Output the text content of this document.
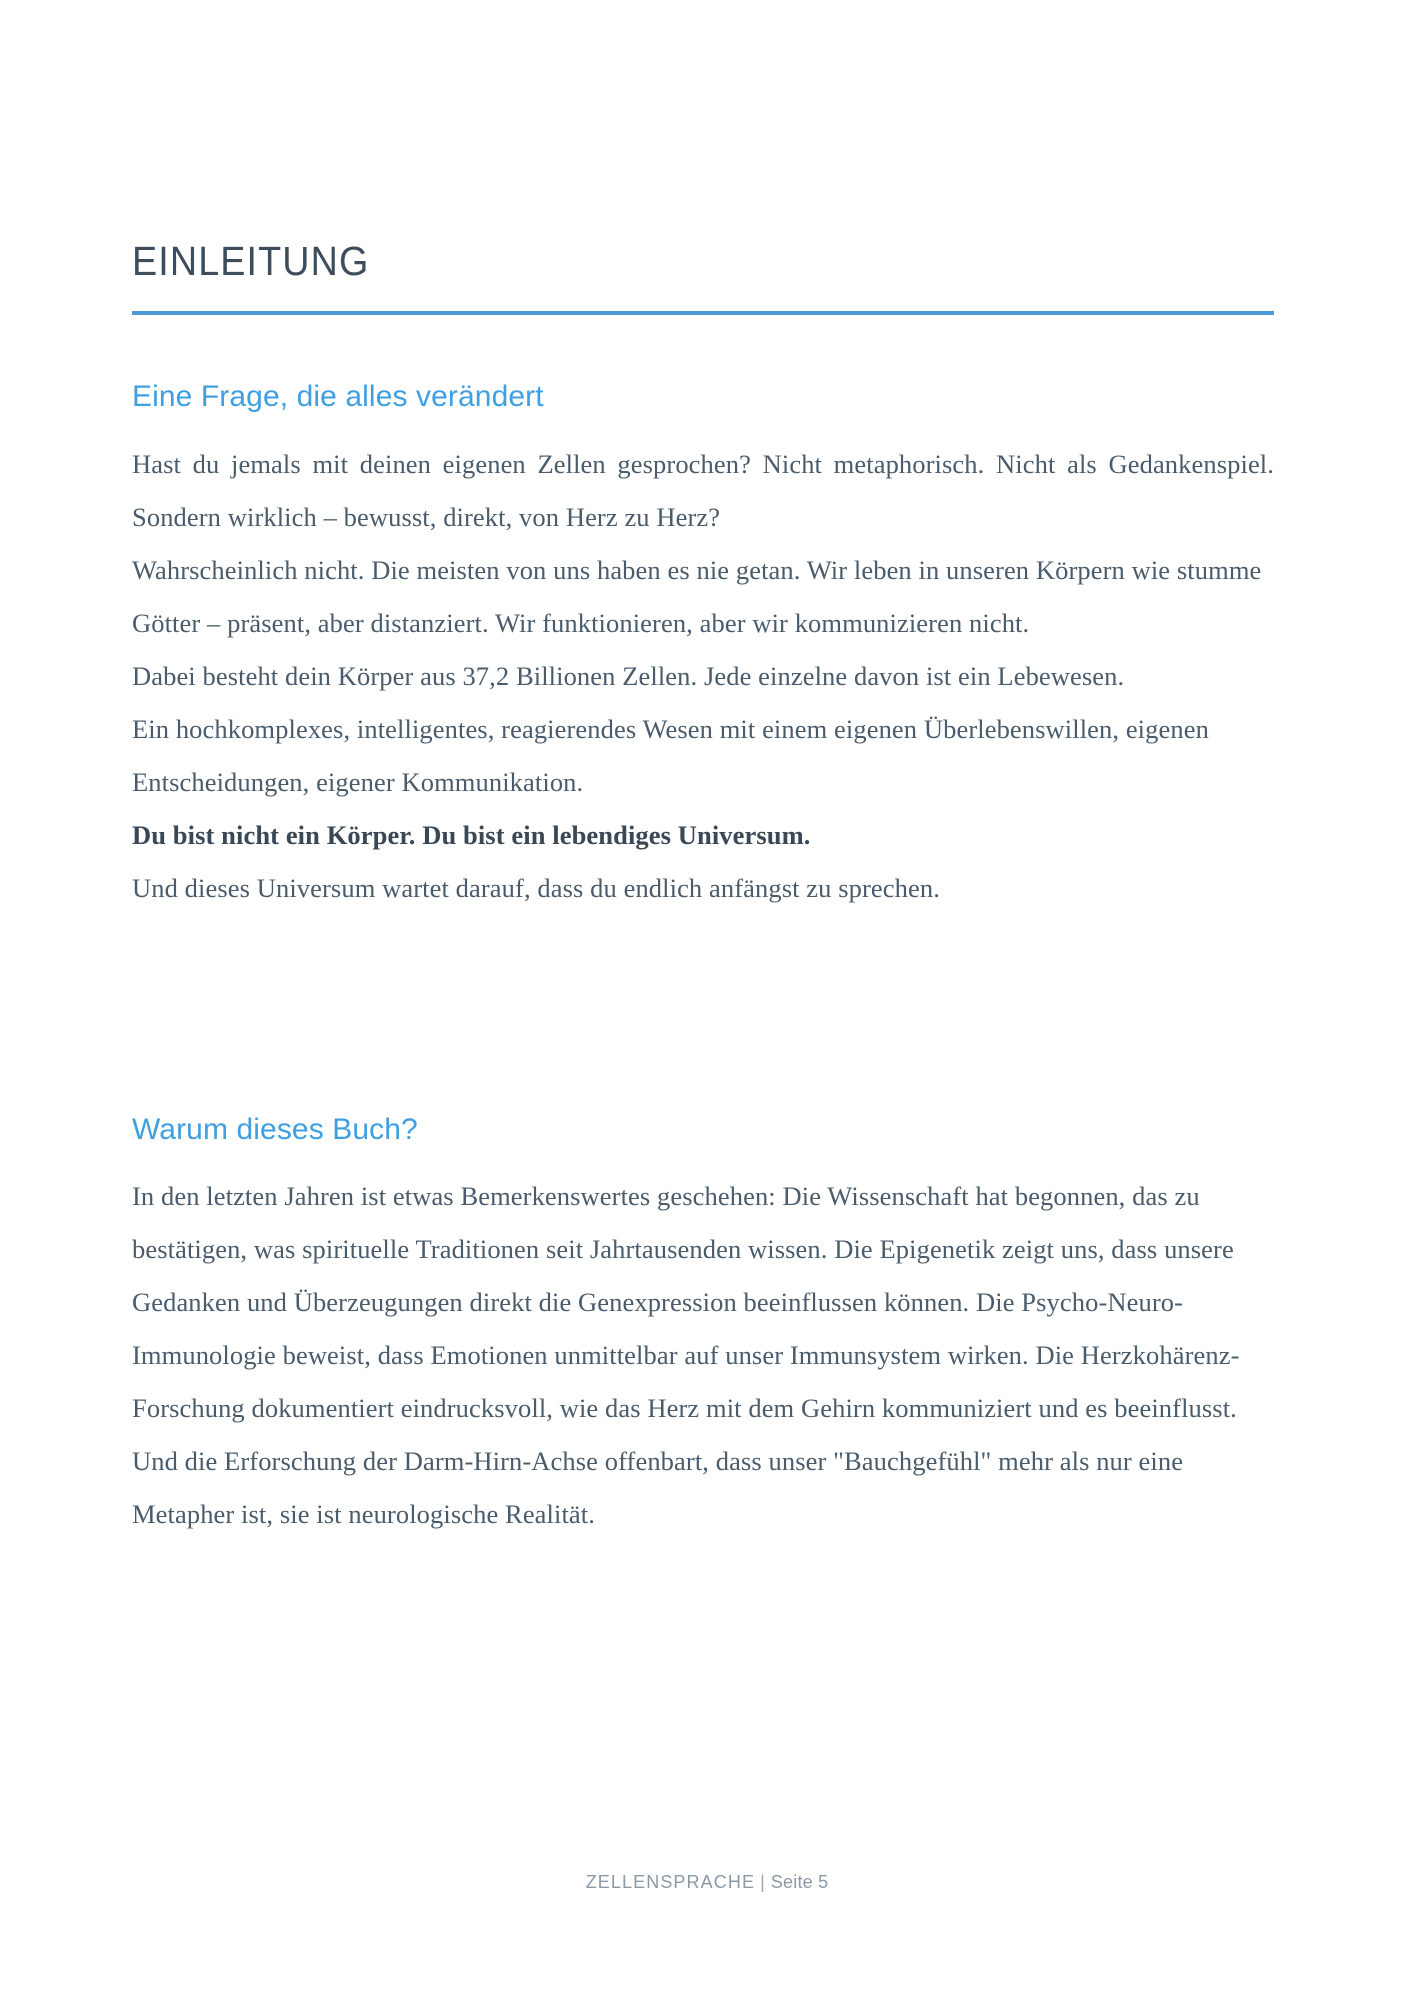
EINLEITUNG
Eine Frage, die alles verändert

Hast du jemals mit deinen eigenen Zellen gesprochen? Nicht metaphorisch. Nicht als Gedankenspiel. Sondern wirklich – bewusst, direkt, von Herz zu Herz?

Wahrscheinlich nicht. Die meisten von uns haben es nie getan. Wir leben in unseren Körpern wie stumme Götter – präsent, aber distanziert. Wir funktionieren, aber wir kommunizieren nicht.

Dabei besteht dein Körper aus 37,2 Billionen Zellen. Jede einzelne davon ist ein Lebewesen.

Ein hochkomplexes, intelligentes, reagierendes Wesen mit einem eigenen Überlebenswillen, eigenen Entscheidungen, eigener Kommunikation.

Du bist nicht ein Körper. Du bist ein lebendiges Universum.

Und dieses Universum wartet darauf, dass du endlich anfängst zu sprechen.

Warum dieses Buch?

In den letzten Jahren ist etwas Bemerkenswertes geschehen: Die Wissenschaft hat begonnen, das zu bestätigen, was spirituelle Traditionen seit Jahrtausenden wissen. Die Epigenetik zeigt uns, dass unsere Gedanken und Überzeugungen direkt die Genexpression beeinflussen können. Die Psycho-Neuro-Immunologie beweist, dass Emotionen unmittelbar auf unser Immunsystem wirken. Die Herzkohärenz-Forschung dokumentiert eindrucksvoll, wie das Herz mit dem Gehirn kommuniziert und es beeinflusst. Und die Erforschung der Darm-Hirn-Achse offenbart, dass unser "Bauchgefühl" mehr als nur eine Metapher ist, sie ist neurologische Realität.

ZELLENSPRACHE | Seite 5
